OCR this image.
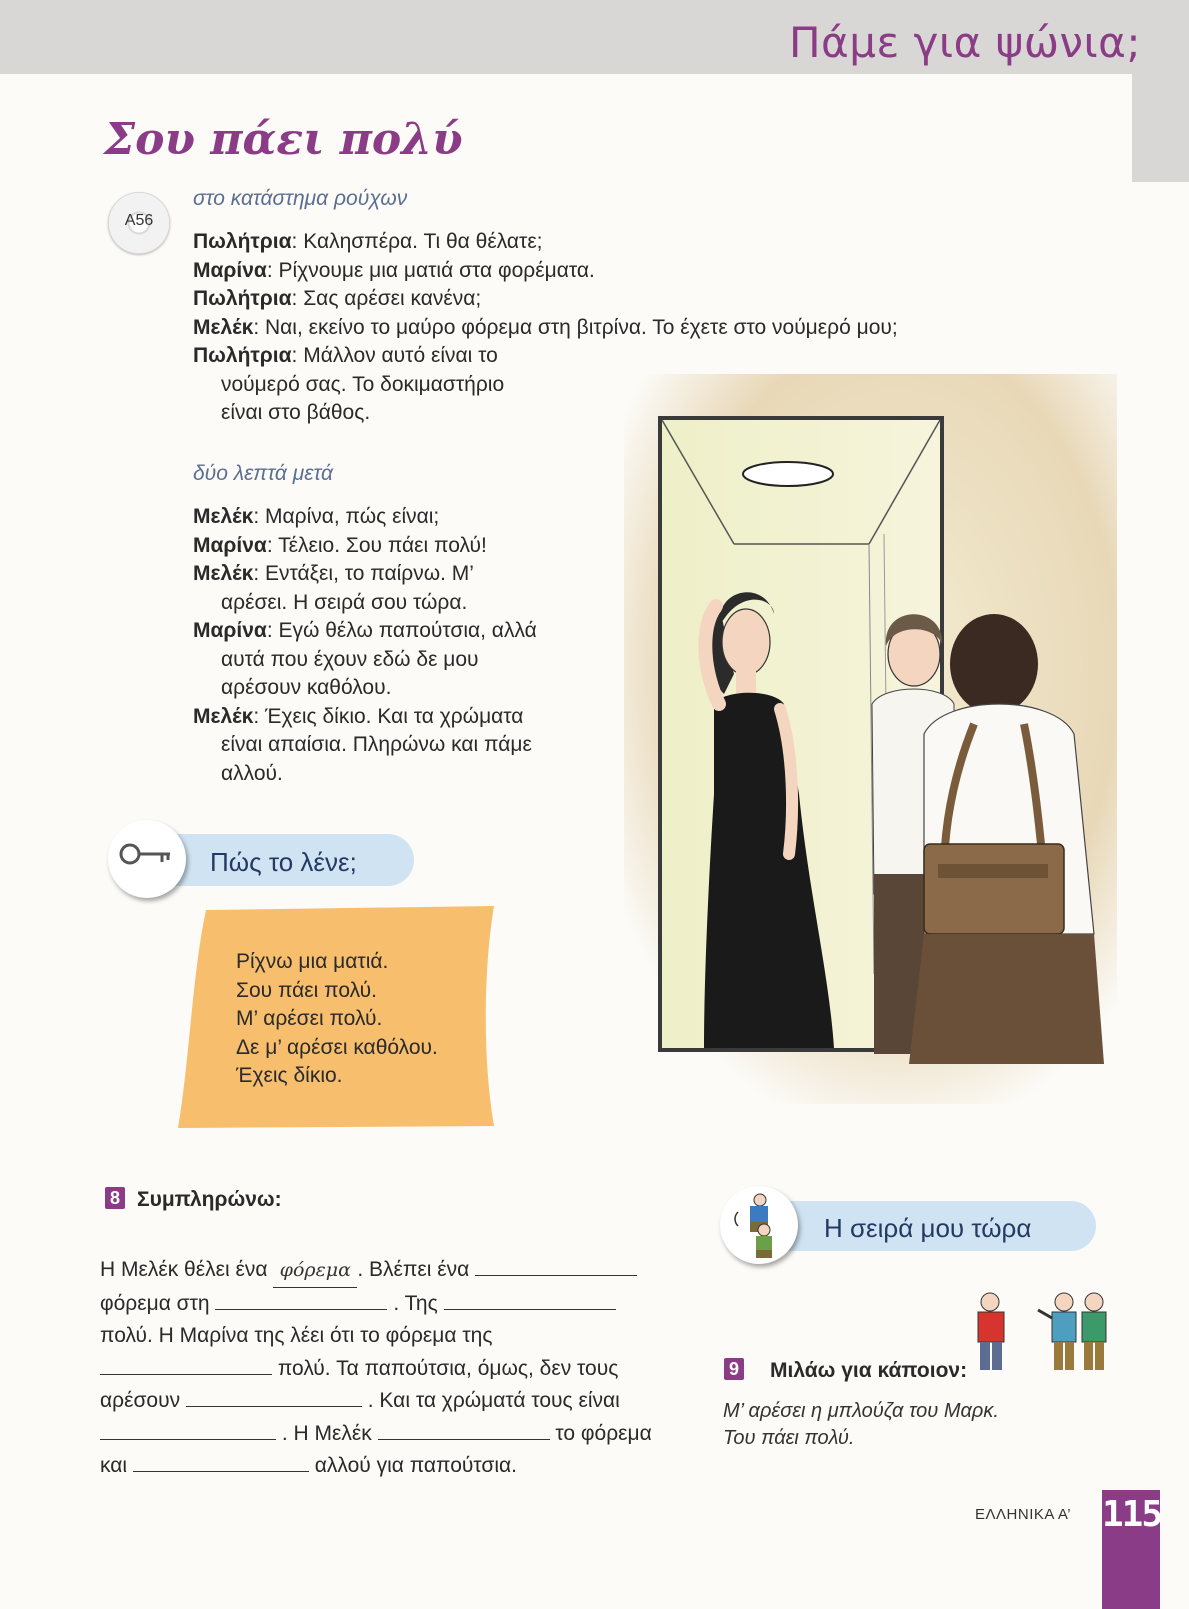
Πάμε για ψώνια;
Σου πάει πολύ
A56
στο κατάστημα ρούχων
Πωλήτρια: Καλησπέρα. Τι θα θέλατε;
Μαρίνα: Ρίχνουμε μια ματιά στα φορέματα.
Πωλήτρια: Σας αρέσει κανένα;
Μελέκ: Ναι, εκείνο το μαύρο φόρεμα στη βιτρίνα. Το έχετε στο νούμερό μου;
Πωλήτρια: Μάλλον αυτό είναι το
νούμερό σας. Το δοκιμαστήριο
είναι στο βάθος.
δύο λεπτά μετά
Μελέκ: Μαρίνα, πώς είναι;
Μαρίνα: Τέλειο. Σου πάει πολύ!
Μελέκ: Εντάξει, το παίρνω. Μ’
αρέσει. Η σειρά σου τώρα.
Μαρίνα: Εγώ θέλω παπούτσια, αλλά
αυτά που έχουν εδώ δε μου
αρέσουν καθόλου.
Μελέκ: Έχεις δίκιο. Και τα χρώματα
είναι απαίσια. Πληρώνω και πάμε
αλλού.
Πώς το λένε;
Ρίχνω μια ματιά.
Σου πάει πολύ.
Μ’ αρέσει πολύ.
Δε μ’ αρέσει καθόλου.
Έχεις δίκιο.
8 Συμπληρώνω:
Η Μελέκ θέλει ένα φόρεμα . Βλέπει ένα
φόρεμα στη	. Της
πολύ. Η Μαρίνα της λέει ότι το φόρεμα της
πολύ. Τα παπούτσια, όμως, δεν τους
αρέσουν	. Και τα χρώματά τους είναι
. Η Μελέκ	το φόρεμα
και	αλλού για παπούτσια.
Η σειρά μου τώρα
9 Μιλάω για κάποιον:
Μ’ αρέσει η μπλούζα του Μαρκ.
Του πάει πολύ.
ΕΛΛΗΝΙΚΑ Α’ 115
